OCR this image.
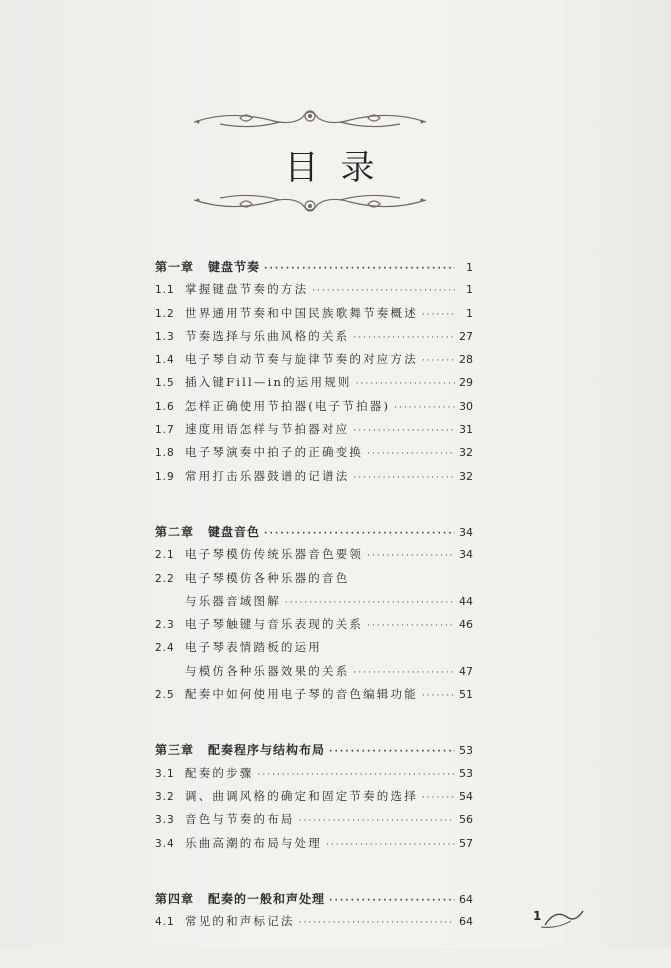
目录
第一章 键盘节奏 ·····	1
1.1 掌握键盘节奏的方法 ·····	1
1.2 世界通用节奏和中国民族歌舞节奏概述 ·····	1
1.3 节奏选择与乐曲风格的关系 ·····	27
1.4 电子琴自动节奏与旋律节奏的对应方法 ·····	28
1.5 插入键Fill—in的运用规则 ·····	29
1.6 怎样正确使用节拍器(电子节拍器) ·····	30
1.7 速度用语怎样与节拍器对应 ·····	31
1.8 电子琴演奏中拍子的正确变换 ·····	32
1.9 常用打击乐器鼓谱的记谱法 ·····	32
第二章 键盘音色 ·····	34
2.1 电子琴模仿传统乐器音色要领 ·····	34
2.2 电子琴模仿各种乐器的音色
与乐器音域图解 ·····	44
2.3 电子琴触键与音乐表现的关系 ·····	46
2.4 电子琴表情踏板的运用
与模仿各种乐器效果的关系 ·····	47
2.5 配奏中如何使用电子琴的音色编辑功能 ·····	51
第三章 配奏程序与结构布局 ·····	53
3.1 配奏的步骤 ·····	53
3.2 调、曲调风格的确定和固定节奏的选择 ·····	54
3.3 音色与节奏的布局 ·····	56
3.4 乐曲高潮的布局与处理 ·····	57
第四章 配奏的一般和声处理 ·····	64
4.1 常见的和声标记法 ·····	64	1
